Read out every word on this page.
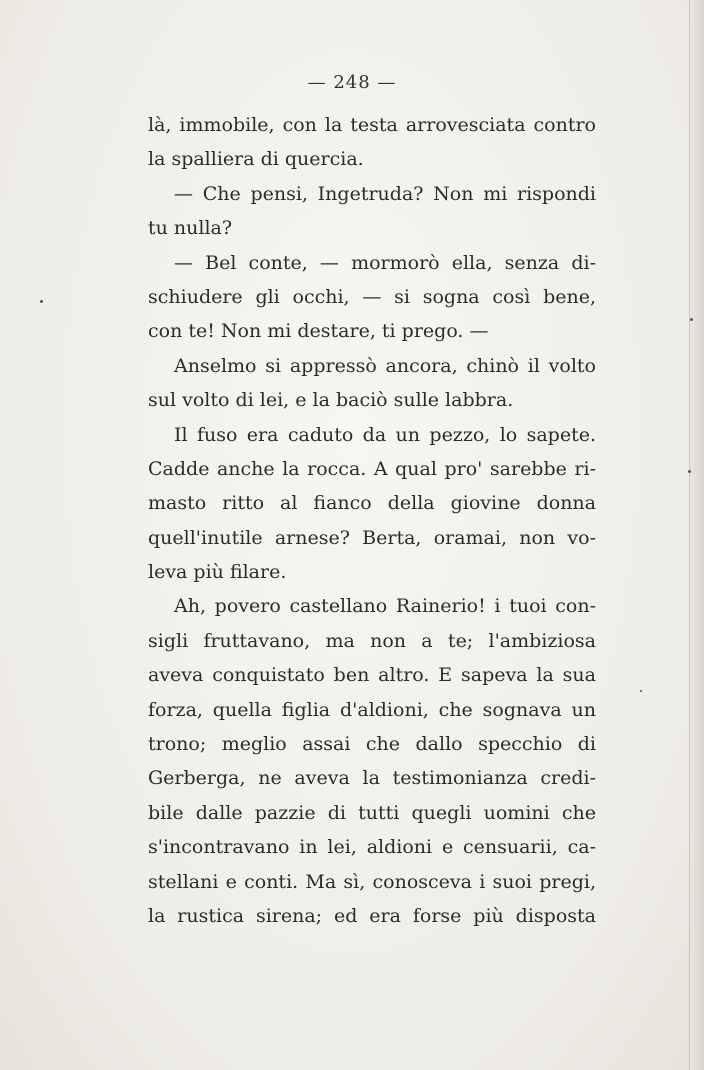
— 248 —
là, immobile, con la testa arrovesciata contro
la spalliera di quercia.
— Che pensi, Ingetruda? Non mi rispondi
tu nulla?
— Bel conte, — mormorò ella, senza di-
schiudere gli occhi, — si sogna così bene,
con te! Non mi destare, ti prego. —
Anselmo si appressò ancora, chinò il volto
sul volto di lei, e la baciò sulle labbra.
Il fuso era caduto da un pezzo, lo sapete.
Cadde anche la rocca. A qual pro' sarebbe ri-
masto ritto al fianco della giovine donna
quell'inutile arnese? Berta, oramai, non vo-
leva più filare.
Ah, povero castellano Rainerio! i tuoi con-
sigli fruttavano, ma non a te; l'ambiziosa
aveva conquistato ben altro. E sapeva la sua
forza, quella figlia d'aldioni, che sognava un
trono; meglio assai che dallo specchio di
Gerberga, ne aveva la testimonianza credi-
bile dalle pazzie di tutti quegli uomini che
s'incontravano in lei, aldioni e censuarii, ca-
stellani e conti. Ma sì, conosceva i suoi pregi,
la rustica sirena; ed era forse più disposta
